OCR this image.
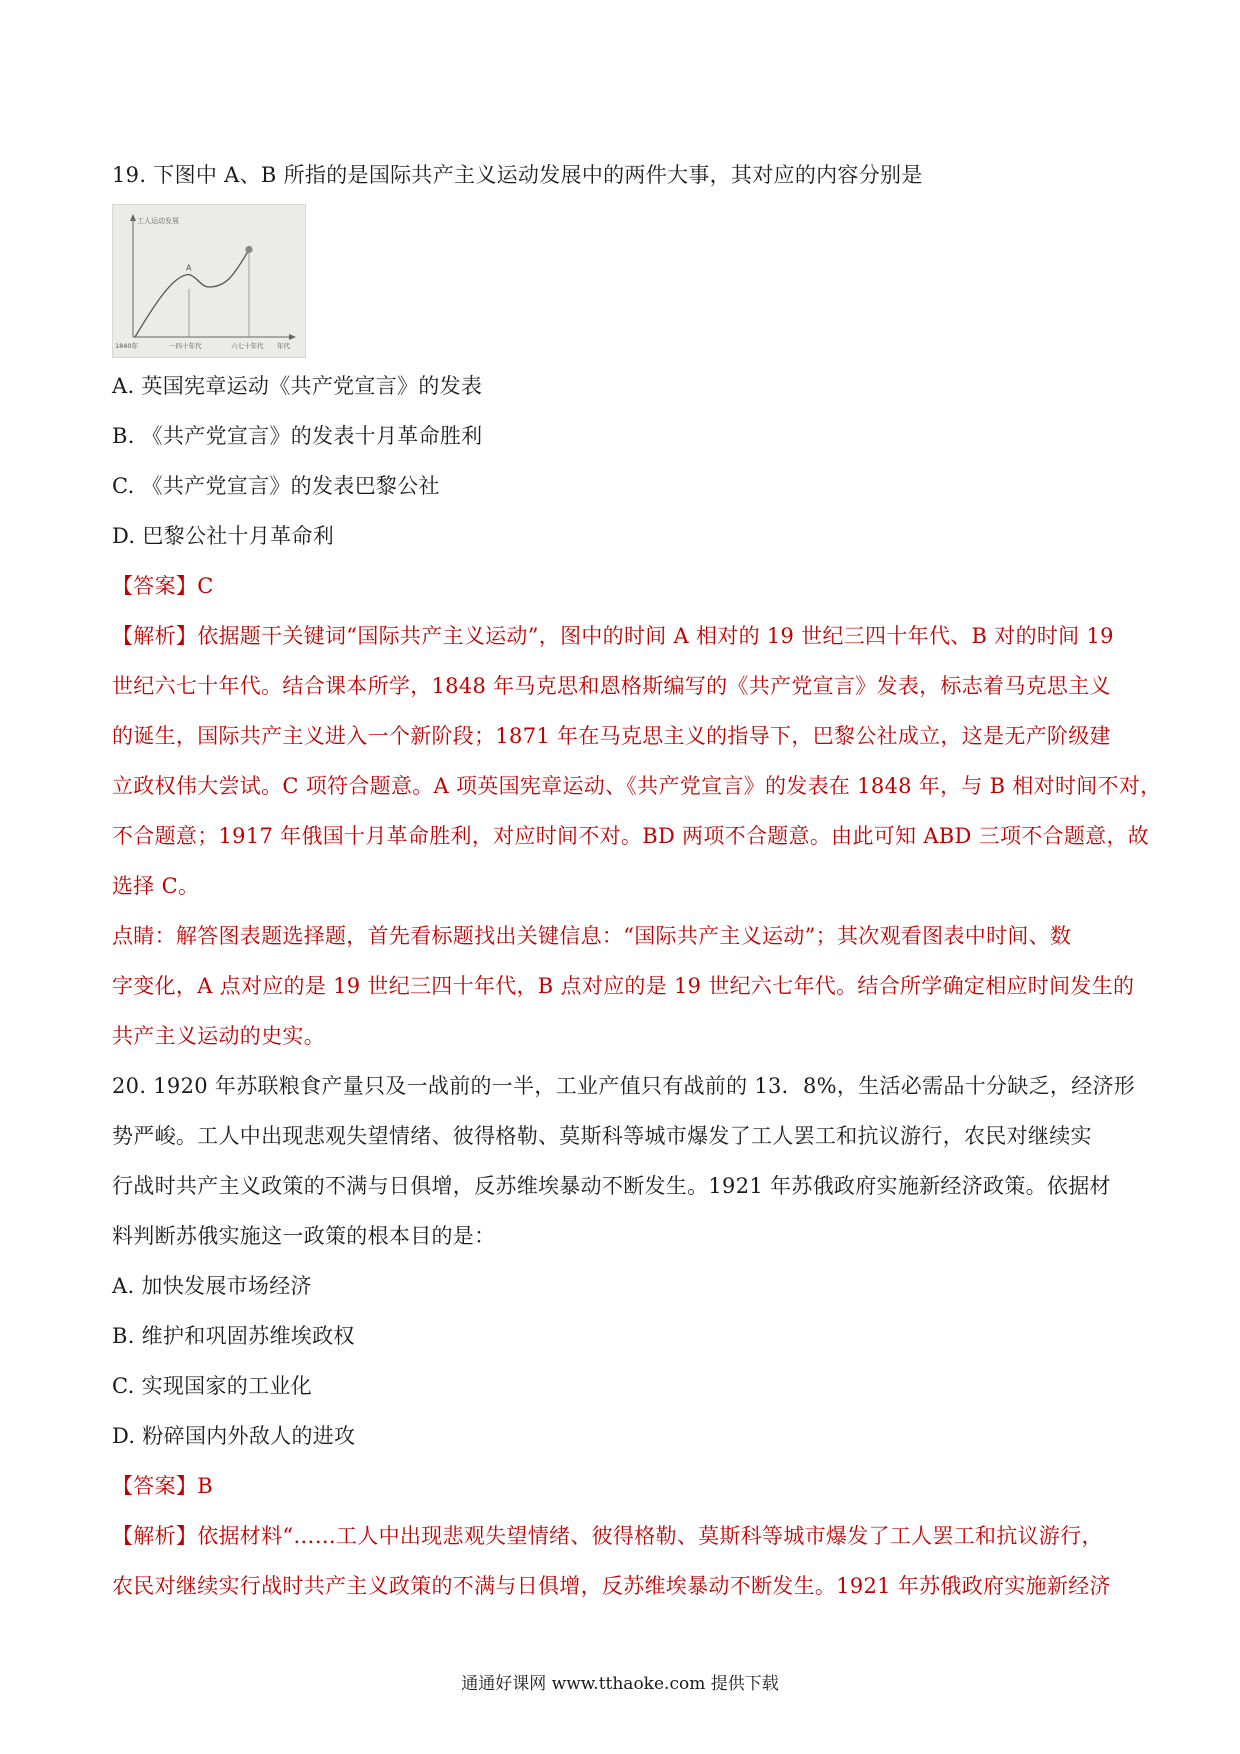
19. 下图中 A、B 所指的是国际共产主义运动发展中的两件大事，其对应的内容分别是
工人运动发展
A
1840年	一四十年代	六七十年代 年代
A. 英国宪章运动《共产党宣言》的发表
B. 《共产党宣言》的发表十月革命胜利
C. 《共产党宣言》的发表巴黎公社
D. 巴黎公社十月革命利
【答案】C
【解析】依据题干关键词“国际共产主义运动”，图中的时间 A 相对的 19 世纪三四十年代、B 对的时间 19
世纪六七十年代。结合课本所学，1848 年马克思和恩格斯编写的《共产党宣言》发表，标志着马克思主义
的诞生，国际共产主义进入一个新阶段；1871 年在马克思主义的指导下，巴黎公社成立，这是无产阶级建
立政权伟大尝试。C 项符合题意。A 项英国宪章运动、《共产党宣言》的发表在 1848 年，与 B 相对时间不对，
不合题意；1917 年俄国十月革命胜利，对应时间不对。BD 两项不合题意。由此可知 ABD 三项不合题意，故
选择 C。
点睛：解答图表题选择题，首先看标题找出关键信息：“国际共产主义运动”；其次观看图表中时间、数
字变化，A 点对应的是 19 世纪三四十年代，B 点对应的是 19 世纪六七年代。结合所学确定相应时间发生的
共产主义运动的史实。
20. 1920 年苏联粮食产量只及一战前的一半，工业产值只有战前的 13．8%，生活必需品十分缺乏，经济形
势严峻。工人中出现悲观失望情绪、彼得格勒、莫斯科等城市爆发了工人罢工和抗议游行，农民对继续实
行战时共产主义政策的不满与日俱增，反苏维埃暴动不断发生。1921 年苏俄政府实施新经济政策。依据材
料判断苏俄实施这一政策的根本目的是：
A. 加快发展市场经济
B. 维护和巩固苏维埃政权
C. 实现国家的工业化
D. 粉碎国内外敌人的进攻
【答案】B
【解析】依据材料“……工人中出现悲观失望情绪、彼得格勒、莫斯科等城市爆发了工人罢工和抗议游行，
农民对继续实行战时共产主义政策的不满与日俱增，反苏维埃暴动不断发生。1921 年苏俄政府实施新经济
通通好课网 www.tthaoke.com 提供下载
